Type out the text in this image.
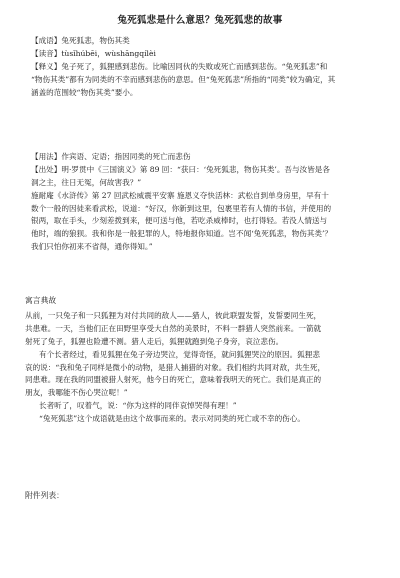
兔死狐悲是什么意思？兔死狐悲的故事
【成语】兔死狐悲，物伤其类
【读音】tùsǐhúbēi，wùshāngqílèi
【释义】兔子死了，狐狸感到悲伤。比喻因同伙的失败或死亡而感到悲伤。“兔死狐悲”和
“物伤其类”都有为同类的不幸而感到悲伤的意思。但“兔死狐悲”所指的“同类”较为确定，其
涵盖的范围较“物伤其类”要小。
【用法】作宾语、定语；指因同类的死亡而悲伤
【出处】明·罗贯中《三国演义》第 89 回：“获曰：‘兔死狐悲，物伤其类’。吾与汝皆是各
洞之主，往日无冤，何故害我？”
施耐庵《水浒传》第 27 回武松威震平安寨 施恩义夺快活林：武松自到单身房里，早有十
数个一般的因徒来看武松，说道：“好汉，你新到这里，包裹里若有人情的书信，并使用的
银两，取在手头，少刻差拨到来，便可送与他，若吃杀威棒时，也打得轻。若没人情送与
他时，端的狼狈。我和你是一般犯罪的人，特地报你知道。岂不闻‘兔死狐悲，物伤其类’？
我们只怕你初来不省得，通你得知。”
寓言典故
从前，一只兔子和一只狐狸为对付共同的敌人——猎人，彼此联盟发誓，发誓要同生死，
共患难。一天，当他们正在田野里享受大自然的美景时，不料一群猎人突然前来。一箭就
射死了兔子，狐狸也险遭不测。猎人走后，狐狸就跑到兔子身旁，哀泣悲伤。
有个长者经过，看见狐狸在兔子旁边哭泣，觉得奇怪，就问狐狸哭泣的原因。狐狸悲
哀的说：“我和兔子同样是微小的动物，是猎人捕猎的对象。我们相约共同对敌，共生死，
同患难。现在我的同盟被猎人射死，他今日的死亡，意味着我明天的死亡。我们是真正的
朋友，我哪能不伤心哭泣呢！”
长者听了，叹着气，说：“你为这样的同伴哀悼哭得有理！”
“兔死狐悲”这个成语就是由这个故事而来的。表示对同类的死亡或不幸的伤心。
附件列表：
